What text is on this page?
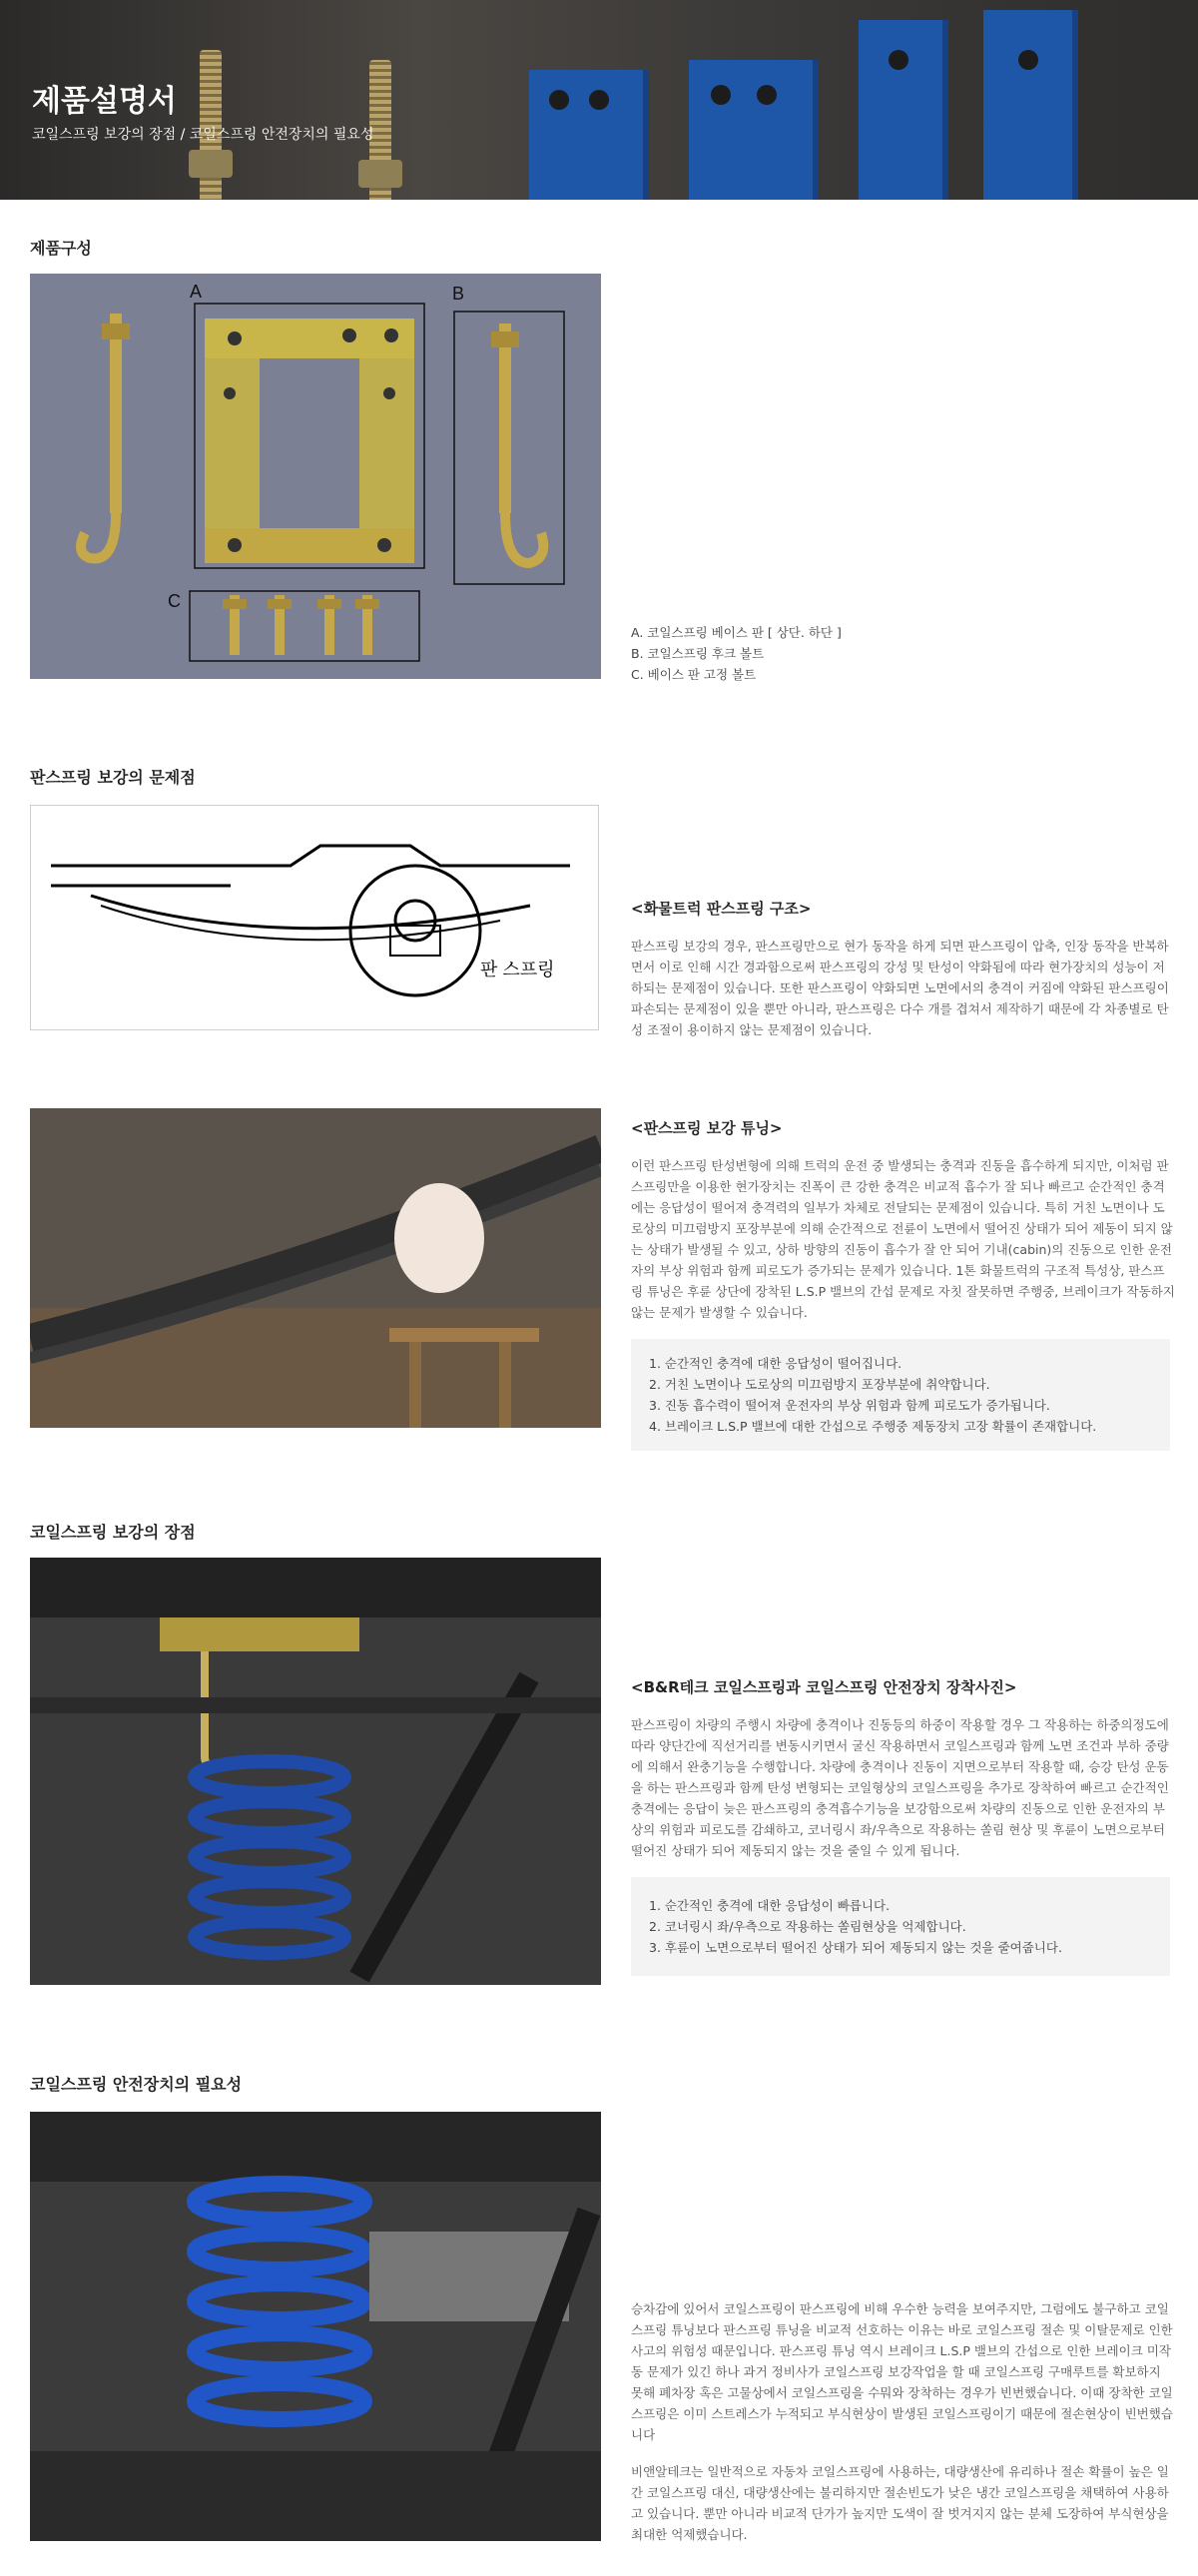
제품설명서
코일스프링 보강의 장점 / 코일스프링 안전장치의 필요성
제품구성
A	B
C
A. 코일스프링 베이스 판 [ 상단. 하단 ]
B. 코일스프링 후크 볼트
C. 베이스 판 고정 볼트
판스프링 보강의 문제점
판 스프링
<화물트럭 판스프링 구조>

판스프링 보강의 경우, 판스프링만으로 현가 동작을 하게 되면 판스프링이 압축, 인장 동작을 반복하면서 이로 인해 시간 경과함으로써 판스프링의 강성 및 탄성이 약화됨에 따라 현가장치의 성능이 저하되는 문제점이 있습니다. 또한 판스프링이 약화되면 노면에서의 충격이 커짐에 약화된 판스프링이 파손되는 문제점이 있을 뿐만 아니라, 판스프링은 다수 개를 겹쳐서 제작하기 때문에 각 차종별로 탄성 조절이 용이하지 않는 문제점이 있습니다.

<판스프링 보강 튜닝>

이런 판스프링 탄성변형에 의해 트럭의 운전 중 발생되는 충격과 진동을 흡수하게 되지만, 이처럼 판스프링만을 이용한 현가장치는 진폭이 큰 강한 충격은 비교적 흡수가 잘 되나 빠르고 순간적인 충격에는 응답성이 떨어져 충격력의 일부가 차체로 전달되는 문제점이 있습니다. 특히 거친 노면이나 도로상의 미끄럼방지 포장부분에 의해 순간적으로 전륜이 노면에서 떨어진 상태가 되어 제동이 되지 않는 상태가 발생될 수 있고, 상하 방향의 진동이 흡수가 잘 안 되어 기내(cabin)의 진동으로 인한 운전자의 부상 위험과 함께 피로도가 증가되는 문제가 있습니다. 1톤 화물트럭의 구조적 특성상, 판스프링 튜닝은 후륜 상단에 장착된 L.S.P 밸브의 간섭 문제로 자칫 잘못하면 주행중, 브레이크가 작동하지 않는 문제가 발생할 수 있습니다.

1. 순간적인 충격에 대한 응답성이 떨어집니다.
2. 거친 노면이나 도로상의 미끄럼방지 포장부분에 취약합니다.
3. 진동 흡수력이 떨어져 운전자의 부상 위험과 함께 피로도가 증가됩니다.
4. 브레이크 L.S.P 밸브에 대한 간섭으로 주행중 제동장치 고장 확률이 존재합니다.
코일스프링 보강의 장점
<B&R테크 코일스프링과 코일스프링 안전장치 장착사진>

판스프링이 차량의 주행시 차량에 충격이나 진동등의 하중이 작용할 경우 그 작용하는 하중의정도에 따라 양단간에 직선거리를 변동시키면서 굴신 작용하면서 코일스프링과 함께 노면 조건과 부하 중량에 의해서 완충기능을 수행합니다. 차량에 충격이나 진동이 지면으로부터 작용할 때, 승강 탄성 운동을 하는 판스프링과 함께 탄성 변형되는 코일형상의 코일스프링을 추가로 장착하여 빠르고 순간적인 충격에는 응답이 늦은 판스프링의 충격흡수기능을 보강함으로써 차량의 진동으로 인한 운전자의 부상의 위험과 피로도를 감쇄하고, 코너링시 좌/우측으로 작용하는 쏠림 현상 및 후륜이 노면으로부터 떨어진 상태가 되어 제동되지 않는 것을 줄일 수 있게 됩니다.

1. 순간적인 충격에 대한 응답성이 빠릅니다.
2. 코너링시 좌/우측으로 작용하는 쏠림현상을 억제합니다.
3. 후륜이 노면으로부터 떨어진 상태가 되어 제동되지 않는 것을 줄여줍니다.
코일스프링 안전장치의 필요성

승차감에 있어서 코일스프링이 판스프링에 비해 우수한 능력을 보여주지만, 그럼에도 불구하고 코일스프링 튜닝보다 판스프링 튜닝을 비교적 선호하는 이유는 바로 코일스프링 절손 및 이탈문제로 인한 사고의 위험성 때문입니다. 판스프링 튜닝 역시 브레이크 L.S.P 밸브의 간섭으로 인한 브레이크 미작동 문제가 있긴 하나 과거 정비사가 코일스프링 보강작업을 할 때 코일스프링 구매루트를 확보하지 못해 폐차장 혹은 고물상에서 코일스프링을 수뭐와 장착하는 경우가 빈번했습니다. 이때 장착한 코일스프링은 이미 스트레스가 누적되고 부식현상이 발생된 코일스프링이기 때문에 절손현상이 빈번했습니다

비앤알테크는 일반적으로 자동차 코일스프링에 사용하는, 대량생산에 유리하나 절손 확률이 높은 일간 코일스프링 대신, 대량생산에는 불리하지만 절손빈도가 낮은 냉간 코일스프링을 채택하여 사용하고 있습니다. 뿐만 아니라 비교적 단가가 높지만 도색이 잘 벗겨지지 않는 분체 도장하여 부식현상을 최대한 억제했습니다.
